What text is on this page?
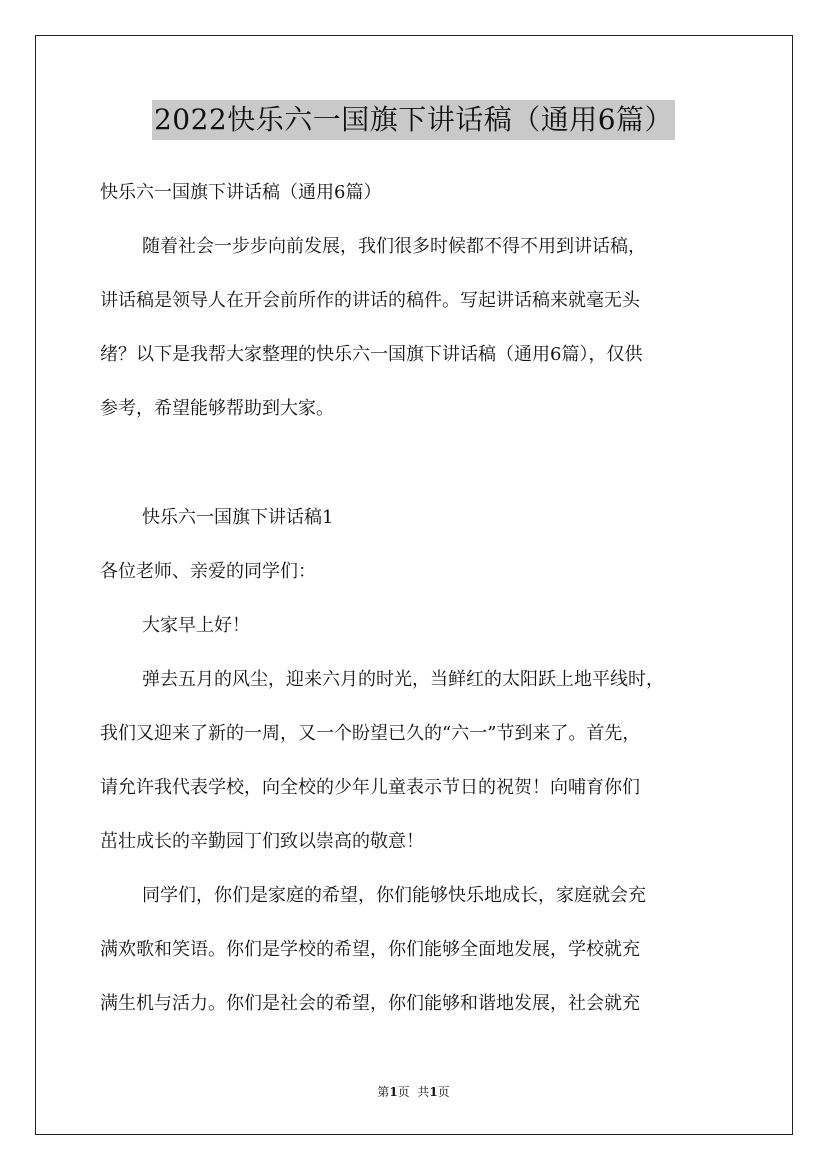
2022快乐六一国旗下讲话稿（通用6篇）
快乐六一国旗下讲话稿（通用6篇）
随着社会一步步向前发展，我们很多时候都不得不用到讲话稿，
讲话稿是领导人在开会前所作的讲话的稿件。写起讲话稿来就毫无头
绪？以下是我帮大家整理的快乐六一国旗下讲话稿（通用6篇），仅供
参考，希望能够帮助到大家。
快乐六一国旗下讲话稿1
各位老师、亲爱的同学们：
大家早上好！
弹去五月的风尘，迎来六月的时光，当鲜红的太阳跃上地平线时，
我们又迎来了新的一周，又一个盼望已久的“六一”节到来了。首先，
请允许我代表学校，向全校的少年儿童表示节日的祝贺！向哺育你们
茁壮成长的辛勤园丁们致以崇高的敬意！
同学们，你们是家庭的希望，你们能够快乐地成长，家庭就会充
满欢歌和笑语。你们是学校的希望，你们能够全面地发展，学校就充
满生机与活力。你们是社会的希望，你们能够和谐地发展，社会就充
第1页  共1页
